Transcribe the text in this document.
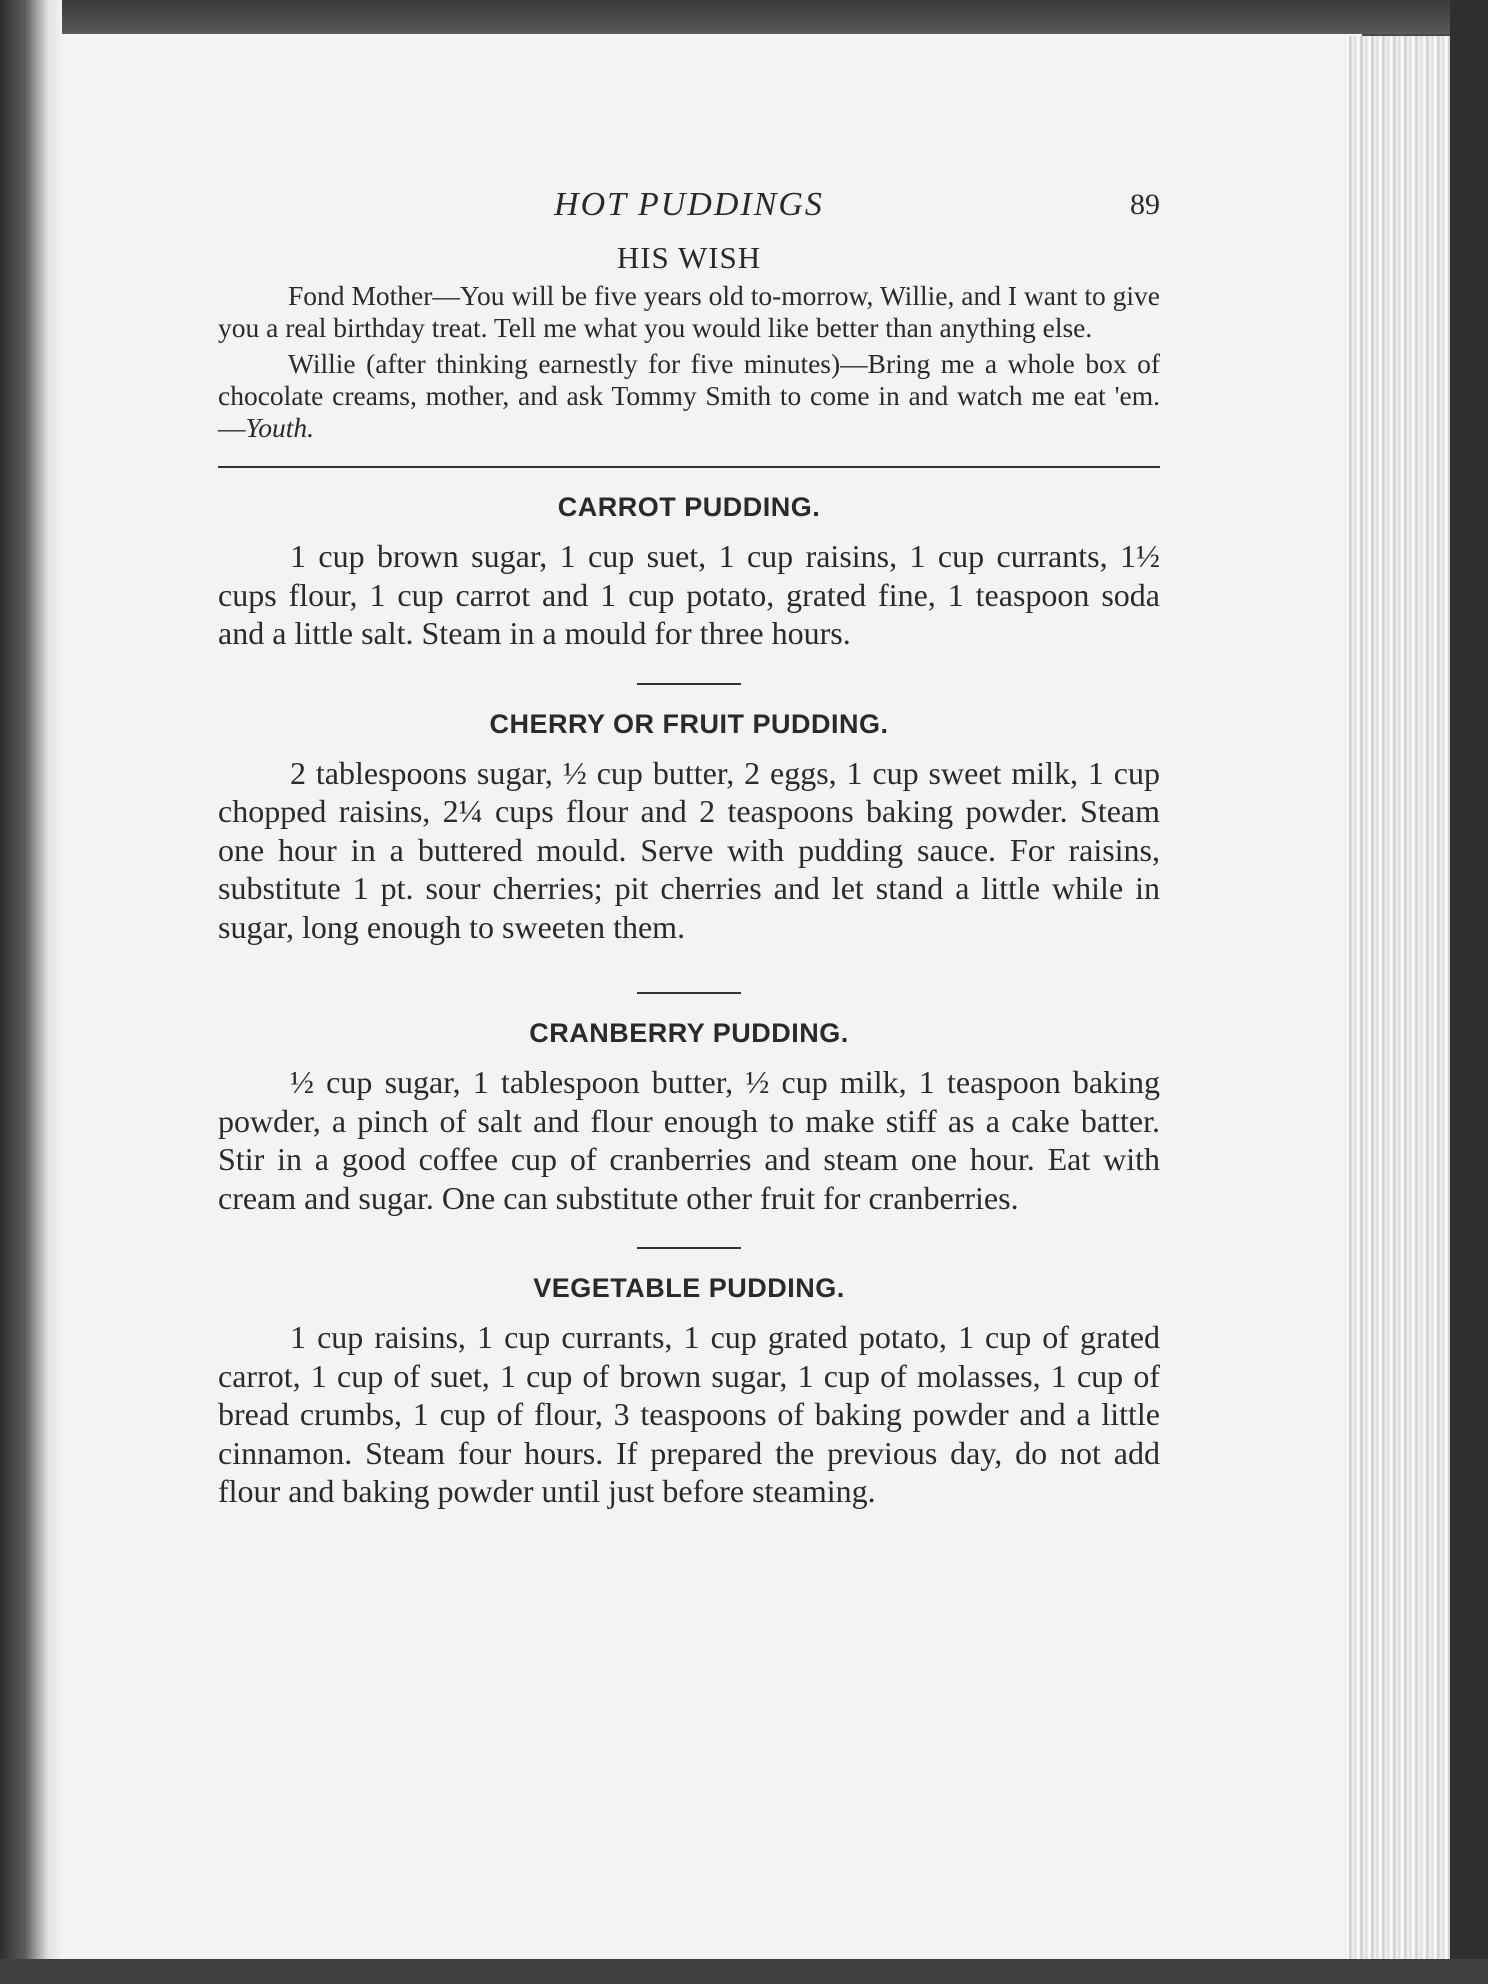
HOT PUDDINGS	89
HIS WISH

Fond Mother—You will be five years old to-morrow, Willie, and I want to give you a real birthday treat. Tell me what you would like better than anything else.

Willie (after thinking earnestly for five minutes)—Bring me a whole box of chocolate creams, mother, and ask Tommy Smith to come in and watch me eat 'em.—Youth.

CARROT PUDDING.

1 cup brown sugar, 1 cup suet, 1 cup raisins, 1 cup currants, 1½ cups flour, 1 cup carrot and 1 cup potato, grated fine, 1 teaspoon soda and a little salt. Steam in a mould for three hours.

CHERRY OR FRUIT PUDDING.

2 tablespoons sugar, ½ cup butter, 2 eggs, 1 cup sweet milk, 1 cup chopped raisins, 2¼ cups flour and 2 teaspoons baking powder. Steam one hour in a buttered mould. Serve with pudding sauce. For raisins, substitute 1 pt. sour cherries; pit cherries and let stand a little while in sugar, long enough to sweeten them.

CRANBERRY PUDDING.

½ cup sugar, 1 tablespoon butter, ½ cup milk, 1 teaspoon baking powder, a pinch of salt and flour enough to make stiff as a cake batter. Stir in a good coffee cup of cranberries and steam one hour. Eat with cream and sugar. One can substitute other fruit for cranberries.

VEGETABLE PUDDING.

1 cup raisins, 1 cup currants, 1 cup grated potato, 1 cup of grated carrot, 1 cup of suet, 1 cup of brown sugar, 1 cup of molasses, 1 cup of bread crumbs, 1 cup of flour, 3 teaspoons of baking powder and a little cinnamon. Steam four hours. If prepared the previous day, do not add flour and baking powder until just before steaming.
